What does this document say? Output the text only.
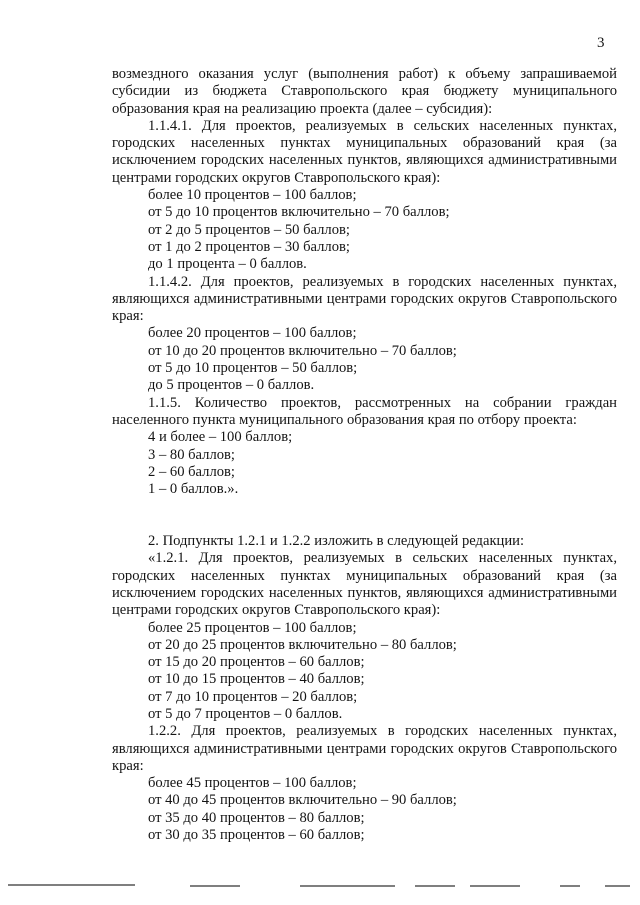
3

возмездного оказания услуг (выполнения работ) к объему запрашиваемой субсидии из бюджета Ставропольского края бюджету муниципального образования края на реализацию проекта (далее – субсидия):

1.1.4.1. Для проектов, реализуемых в сельских населенных пунктах, городских населенных пунктах муниципальных образований края (за исключением городских населенных пунктов, являющихся административными центрами городских округов Ставропольского края):

более 10 процентов – 100 баллов;

от 5 до 10 процентов включительно – 70 баллов;

от 2 до 5 процентов – 50 баллов;

от 1 до 2 процентов – 30 баллов;

до 1 процента – 0 баллов.

1.1.4.2. Для проектов, реализуемых в городских населенных пунктах, являющихся административными центрами городских округов Ставропольского края:

более 20 процентов – 100 баллов;

от 10 до 20 процентов включительно – 70 баллов;

от 5 до 10 процентов – 50 баллов;

до 5 процентов – 0 баллов.

1.1.5. Количество проектов, рассмотренных на собрании граждан населенного пункта муниципального образования края по отбору проекта:

4 и более – 100 баллов;

3 – 80 баллов;

2 – 60 баллов;

1 – 0 баллов.».

2. Подпункты 1.2.1 и 1.2.2 изложить в следующей редакции:

«1.2.1. Для проектов, реализуемых в сельских населенных пунктах, городских населенных пунктах муниципальных образований края (за исключением городских населенных пунктов, являющихся административными центрами городских округов Ставропольского края):

более 25 процентов – 100 баллов;

от 20 до 25 процентов включительно – 80 баллов;

от 15 до 20 процентов – 60 баллов;

от 10 до 15 процентов – 40 баллов;

от 7 до 10 процентов – 20 баллов;

от 5 до 7 процентов – 0 баллов.

1.2.2. Для проектов, реализуемых в городских населенных пунктах, являющихся административными центрами городских округов Ставропольского края:

более 45 процентов – 100 баллов;

от 40 до 45 процентов включительно – 90 баллов;

от 35 до 40 процентов – 80 баллов;

от 30 до 35 процентов – 60 баллов;
